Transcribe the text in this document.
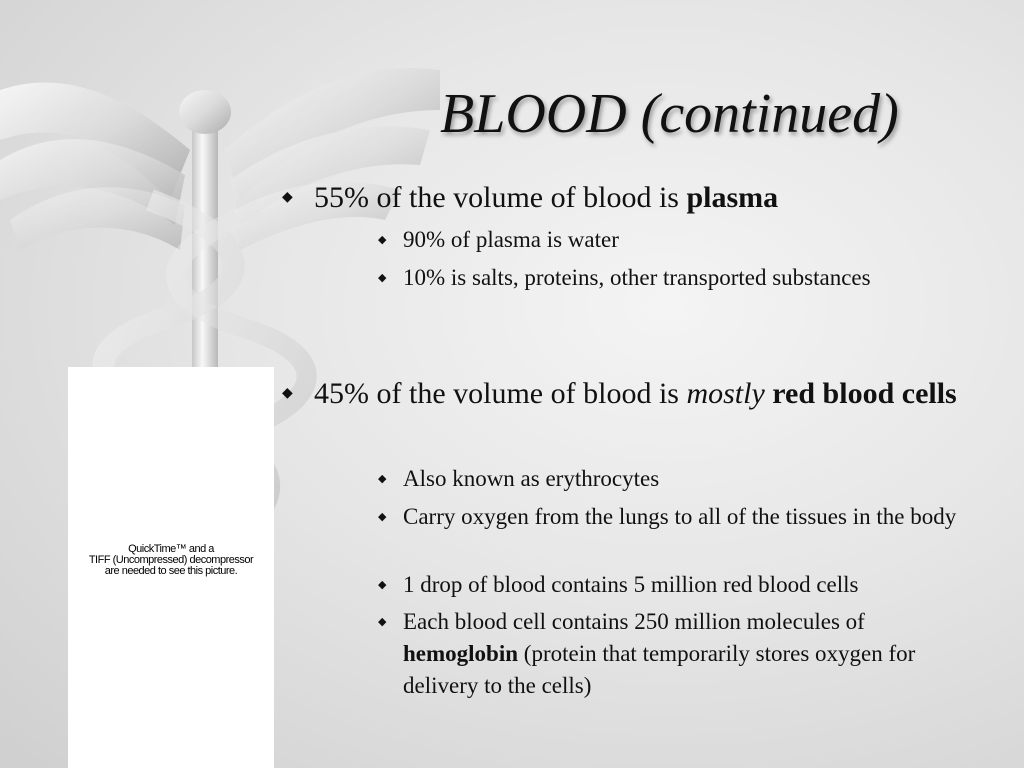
BLOOD (continued)
QuickTime™ and a
TIFF (Uncompressed) decompressor
are needed to see this picture.
◆ 55% of the volume of blood is plasma
◆ 90% of plasma is water
◆ 10% is salts, proteins, other transported substances
◆ 45% of the volume of blood is mostly red blood cells
◆ Also known as erythrocytes
◆ Carry oxygen from the lungs to all of the tissues in the body
◆ 1 drop of blood contains 5 million red blood cells
◆ Each blood cell contains 250 million molecules of hemoglobin (protein that temporarily stores oxygen for delivery to the cells)
